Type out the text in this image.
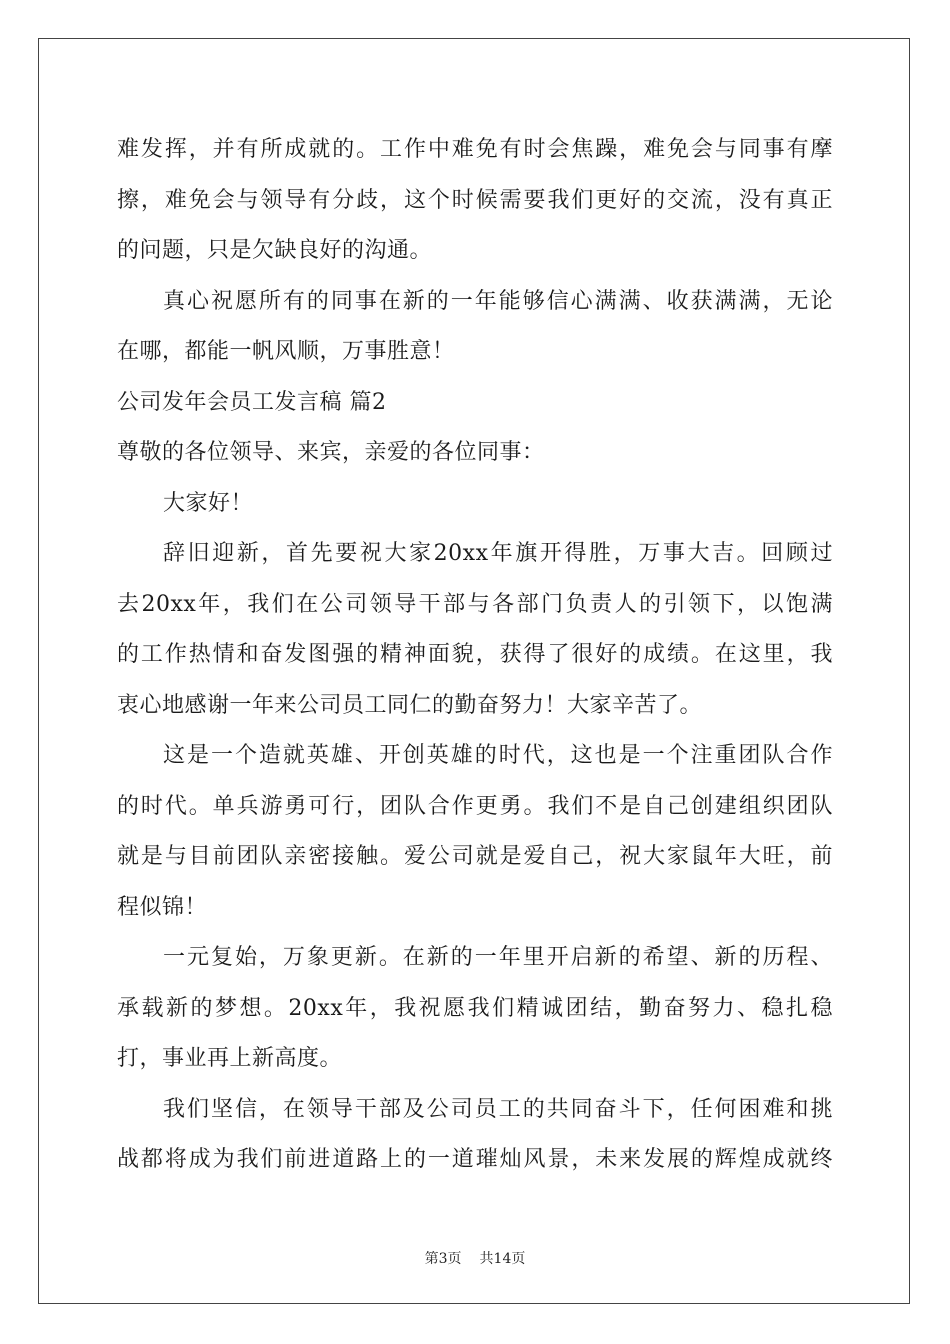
难发挥，并有所成就的。工作中难免有时会焦躁，难免会与同事有摩
擦，难免会与领导有分歧，这个时候需要我们更好的交流，没有真正
的问题，只是欠缺良好的沟通。
真心祝愿所有的同事在新的一年能够信心满满、收获满满，无论
在哪，都能一帆风顺，万事胜意！
公司发年会员工发言稿 篇2
尊敬的各位领导、来宾，亲爱的各位同事：
大家好！
辞旧迎新，首先要祝大家20xx年旗开得胜，万事大吉。回顾过
去20xx年，我们在公司领导干部与各部门负责人的引领下，以饱满
的工作热情和奋发图强的精神面貌，获得了很好的成绩。在这里，我
衷心地感谢一年来公司员工同仁的勤奋努力！大家辛苦了。
这是一个造就英雄、开创英雄的时代，这也是一个注重团队合作
的时代。单兵游勇可行，团队合作更勇。我们不是自己创建组织团队
就是与目前团队亲密接触。爱公司就是爱自己，祝大家鼠年大旺，前
程似锦！
一元复始，万象更新。在新的一年里开启新的希望、新的历程、
承载新的梦想。20xx年，我祝愿我们精诚团结，勤奋努力、稳扎稳
打，事业再上新高度。
我们坚信，在领导干部及公司员工的共同奋斗下，任何困难和挑
战都将成为我们前进道路上的一道璀灿风景，未来发展的辉煌成就终
第3页 共14页
